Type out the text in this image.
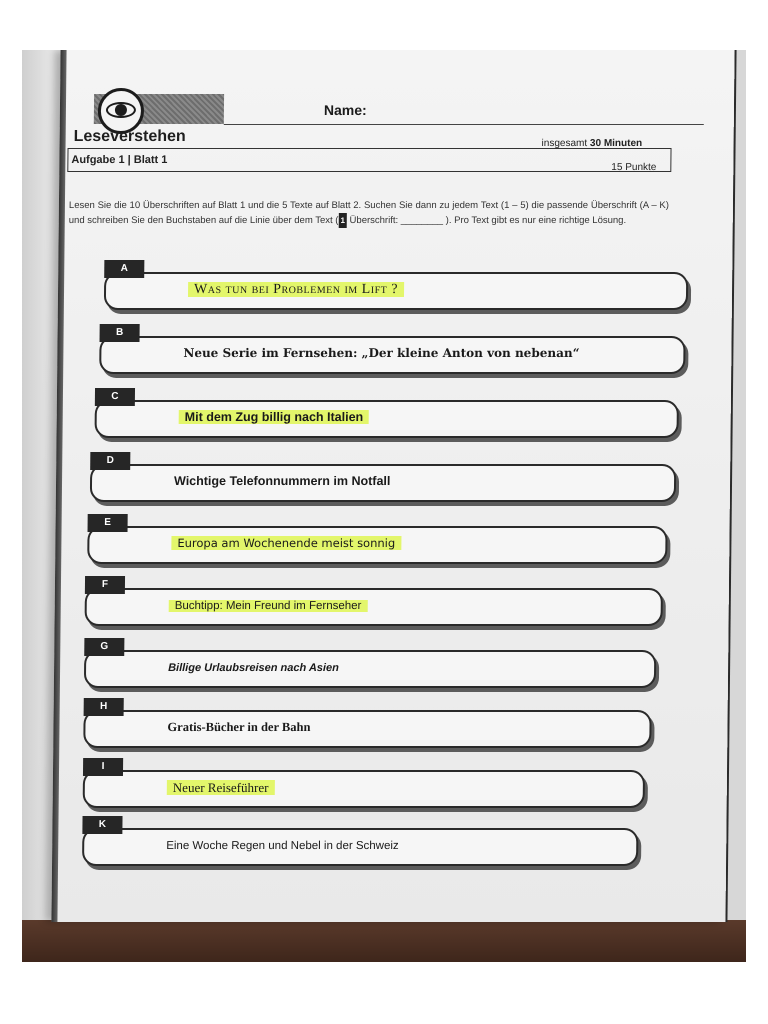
Name:
Leseverstehen	insgesamt 30 Minuten
Aufgabe 1 | Blatt 1
15 Punkte
Lesen Sie die 10 Überschriften auf Blatt 1 und die 5 Texte auf Blatt 2. Suchen Sie dann zu jedem Text (1 – 5) die passende Überschrift (A – K) und schreiben Sie den Buchstaben auf die Linie über dem Text ( 1 Überschrift: ________ ). Pro Text gibt es nur eine richtige Lösung.
A
Was tun bei Problemen im Lift ?
B
Neue Serie im Fernsehen: „Der kleine Anton von nebenan“
C
Mit dem Zug billig nach Italien
D
Wichtige Telefonnummern im Notfall
E
Europa am Wochenende meist sonnig
F
Buchtipp: Mein Freund im Fernseher
G
Billige Urlaubsreisen nach Asien
H
Gratis-Bücher in der Bahn
I
Neuer Reiseführer
K
Eine Woche Regen und Nebel in der Schweiz
